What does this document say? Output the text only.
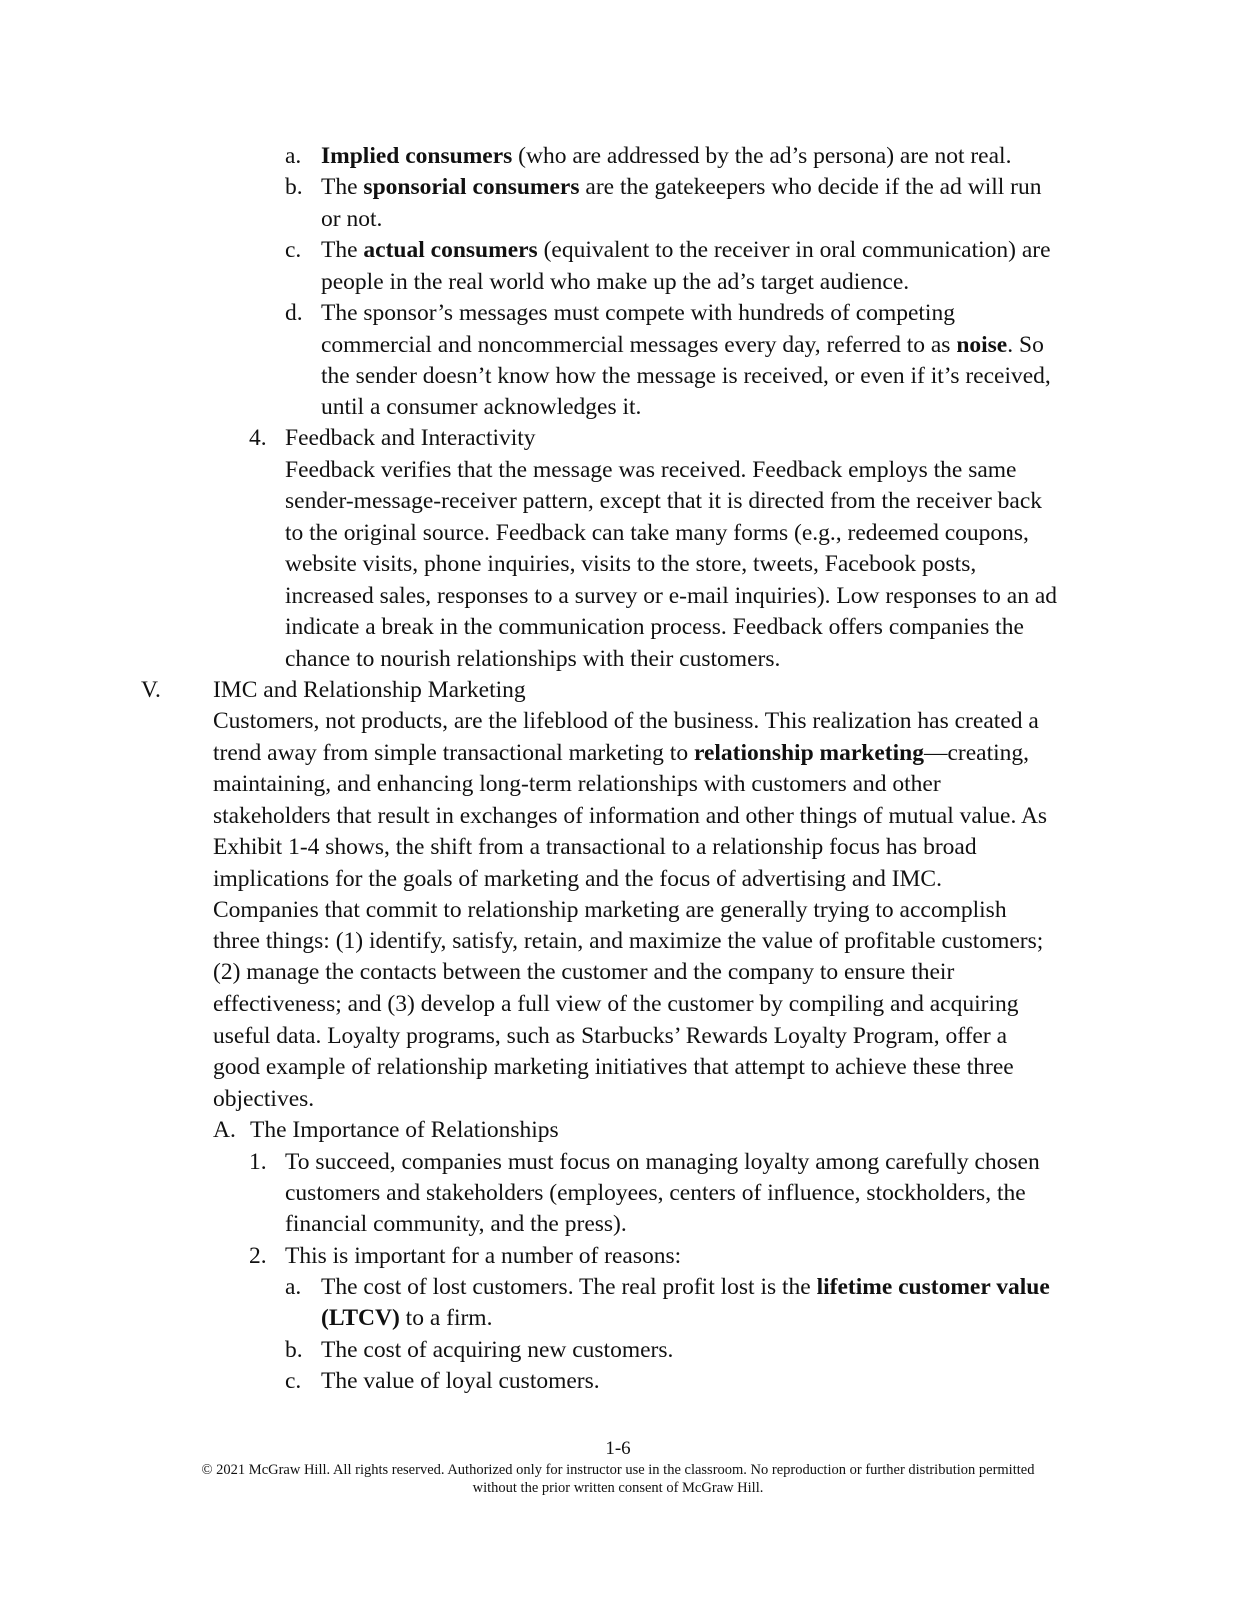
a. Implied consumers (who are addressed by the ad’s persona) are not real.

b. The sponsorial consumers are the gatekeepers who decide if the ad will run

or not.

c. The actual consumers (equivalent to the receiver in oral communication) are

people in the real world who make up the ad’s target audience.

d. The sponsor’s messages must compete with hundreds of competing

commercial and noncommercial messages every day, referred to as noise. So

the sender doesn’t know how the message is received, or even if it’s received,

until a consumer acknowledges it.

4. Feedback and Interactivity

Feedback verifies that the message was received. Feedback employs the same

sender-message-receiver pattern, except that it is directed from the receiver back

to the original source. Feedback can take many forms (e.g., redeemed coupons,

website visits, phone inquiries, visits to the store, tweets, Facebook posts,

increased sales, responses to a survey or e-mail inquiries). Low responses to an ad

indicate a break in the communication process. Feedback offers companies the

chance to nourish relationships with their customers.

V. IMC and Relationship Marketing

Customers, not products, are the lifeblood of the business. This realization has created a

trend away from simple transactional marketing to relationship marketing—creating,

maintaining, and enhancing long-term relationships with customers and other

stakeholders that result in exchanges of information and other things of mutual value. As

Exhibit 1-4 shows, the shift from a transactional to a relationship focus has broad

implications for the goals of marketing and the focus of advertising and IMC.

Companies that commit to relationship marketing are generally trying to accomplish

three things: (1) identify, satisfy, retain, and maximize the value of profitable customers;

(2) manage the contacts between the customer and the company to ensure their

effectiveness; and (3) develop a full view of the customer by compiling and acquiring

useful data. Loyalty programs, such as Starbucks’ Rewards Loyalty Program, offer a

good example of relationship marketing initiatives that attempt to achieve these three

objectives.

A. The Importance of Relationships

1. To succeed, companies must focus on managing loyalty among carefully chosen

customers and stakeholders (employees, centers of influence, stockholders, the

financial community, and the press).

2. This is important for a number of reasons:

a. The cost of lost customers. The real profit lost is the lifetime customer value

(LTCV) to a firm.

b. The cost of acquiring new customers.

c. The value of loyal customers.

1-6
© 2021 McGraw Hill. All rights reserved. Authorized only for instructor use in the classroom. No reproduction or further distribution permitted
without the prior written consent of McGraw Hill.
